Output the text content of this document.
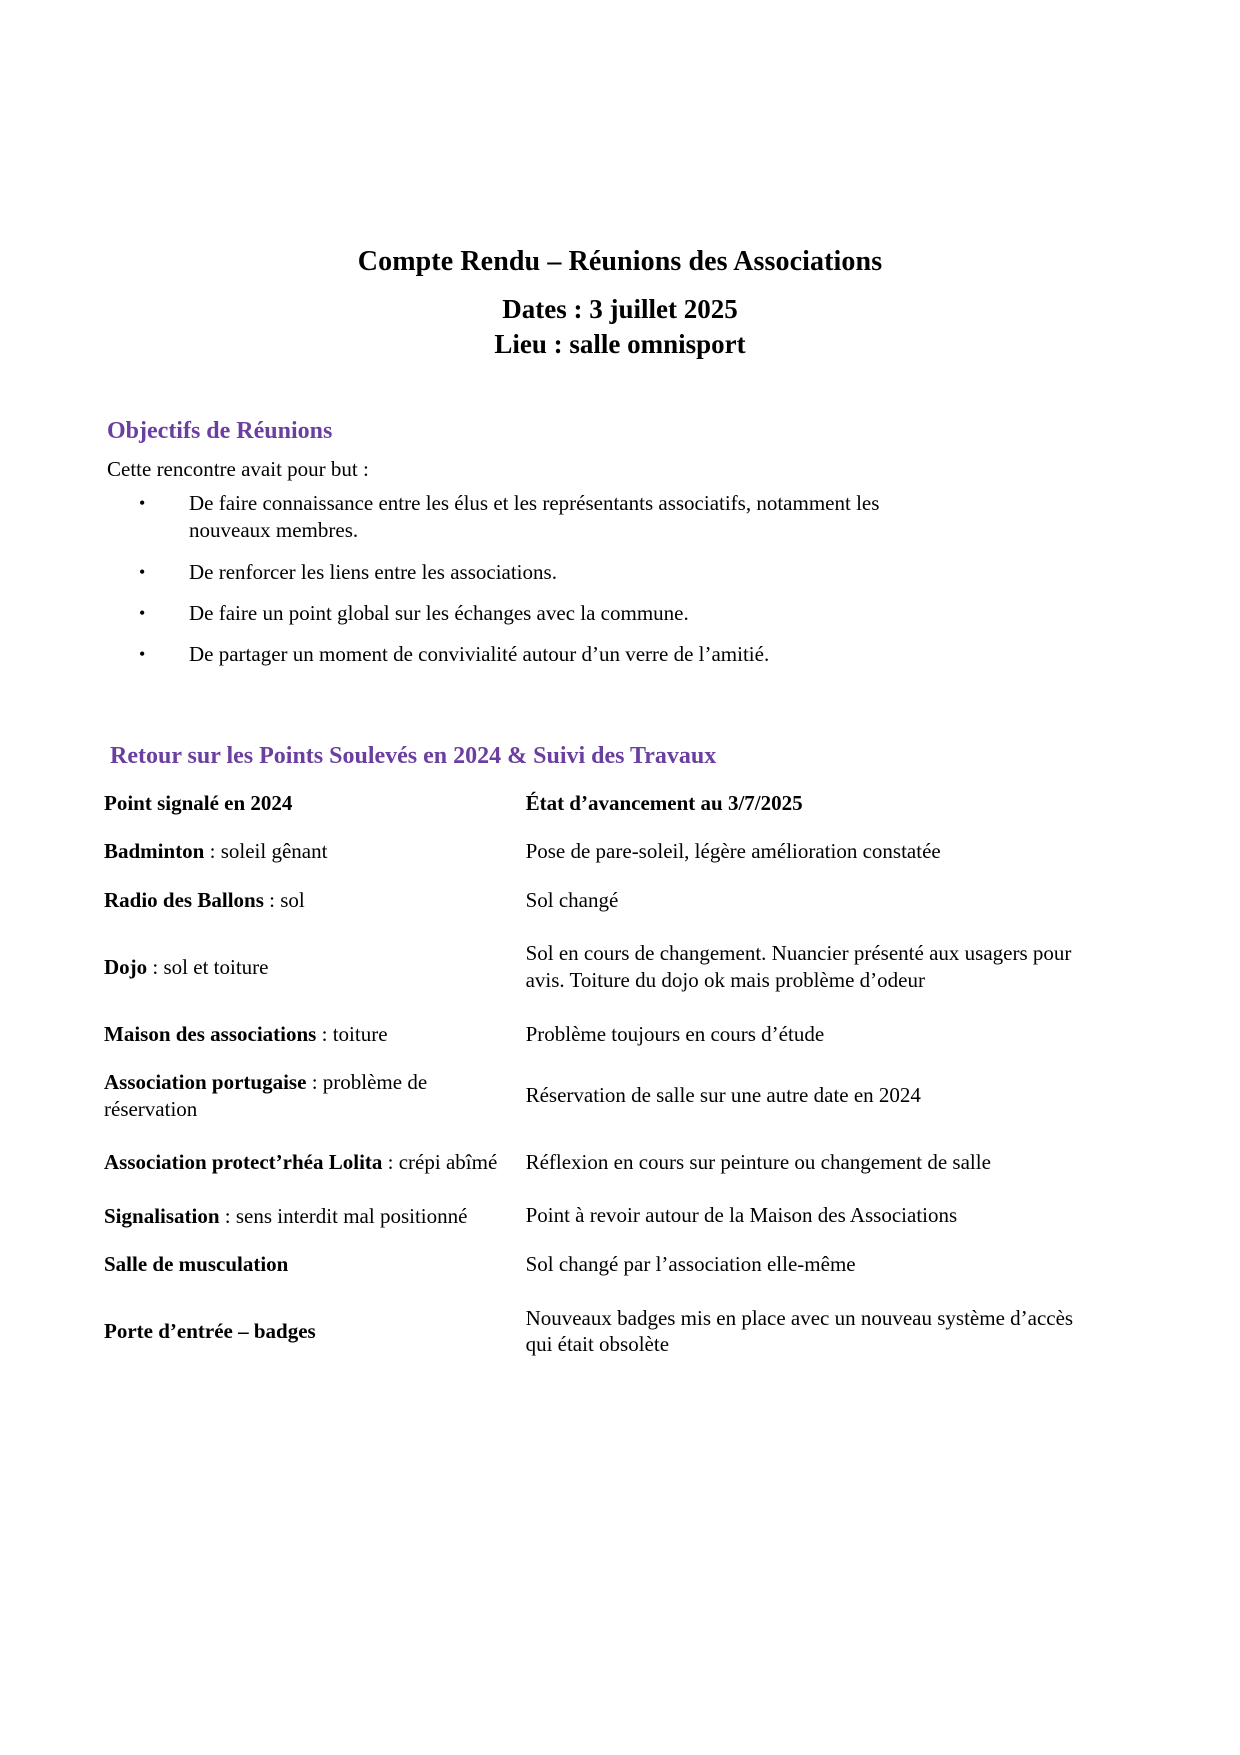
Compte Rendu – Réunions des Associations
Dates : 3 juillet 2025
Lieu : salle omnisport
Objectifs de Réunions
Cette rencontre avait pour but :
•	De faire connaissance entre les élus et les représentants associatifs, notamment les nouveaux membres.
•	De renforcer les liens entre les associations.
•	De faire un point global sur les échanges avec la commune.
•	De partager un moment de convivialité autour d’un verre de l’amitié.
Retour sur les Points Soulevés en 2024 & Suivi des Travaux
Point signalé en 2024	État d’avancement au 3/7/2025
Badminton : soleil gênant	Pose de pare-soleil, légère amélioration constatée
Radio des Ballons : sol	Sol changé
Dojo : sol et toiture	Sol en cours de changement. Nuancier présenté aux usagers pour avis. Toiture du dojo ok mais problème d’odeur
Maison des associations : toiture	Problème toujours en cours d’étude
Association portugaise : problème de réservation	Réservation de salle sur une autre date en 2024
Association protect’rhéa Lolita : crépi abîmé	Réflexion en cours sur peinture ou changement de salle
Signalisation : sens interdit mal positionné	Point à revoir autour de la Maison des Associations
Salle de musculation	Sol changé par l’association elle-même
Porte d’entrée – badges	Nouveaux badges mis en place avec un nouveau système d’accès qui était obsolète
